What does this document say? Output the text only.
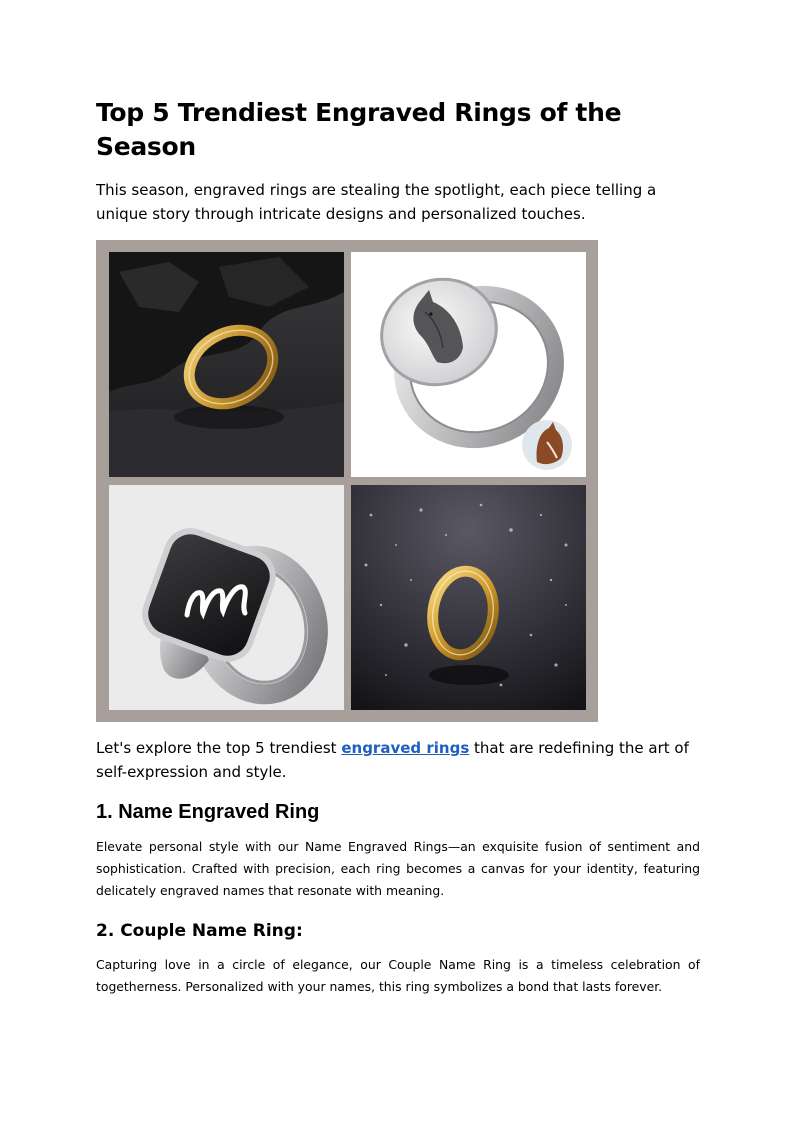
Top 5 Trendiest Engraved Rings of the Season

This season, engraved rings are stealing the spotlight, each piece telling a unique story through intricate designs and personalized touches.

Let's explore the top 5 trendiest engraved rings that are redefining the art of self-expression and style.

1. Name Engraved Ring

Elevate personal style with our Name Engraved Rings—an exquisite fusion of sentiment and sophistication. Crafted with precision, each ring becomes a canvas for your identity, featuring delicately engraved names that resonate with meaning.

2. Couple Name Ring:

Capturing love in a circle of elegance, our Couple Name Ring is a timeless celebration of togetherness. Personalized with your names, this ring symbolizes a bond that lasts forever.
